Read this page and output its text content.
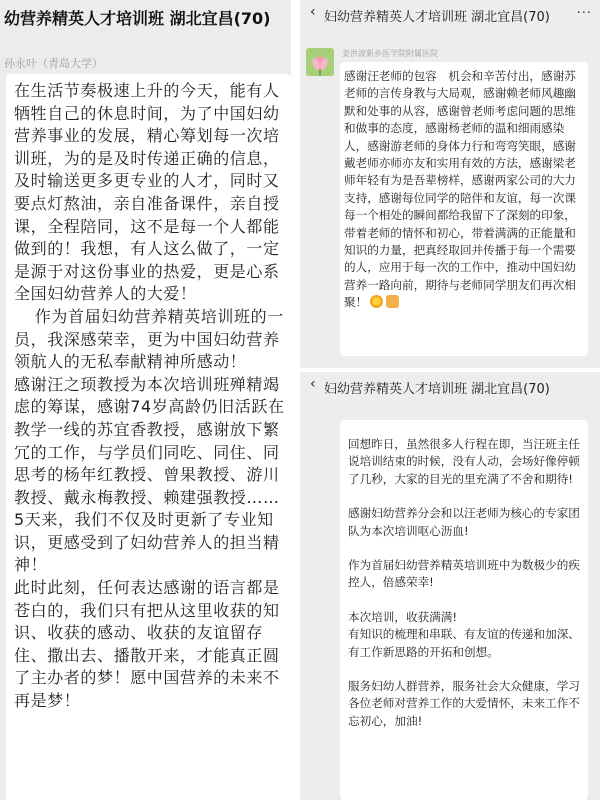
幼营养精英人才培训班 湖北宜昌(70)
孙永叶（青岛大学）

在生活节奏极速上升的今天，能有人牺牲自己的休息时间，为了中国妇幼营养事业的发展，精心筹划每一次培训班，为的是及时传递正确的信息，及时输送更多更专业的人才，同时又要点灯熬油，亲自准备课件，亲自授课，全程陪同，这不是每一个人都能做到的！我想，有人这么做了，一定是源于对这份事业的热爱，更是心系全国妇幼营养人的大爱！

作为首届妇幼营养精英培训班的一员，我深感荣幸，更为中国妇幼营养领航人的无私奉献精神所感动！

感谢汪之顼教授为本次培训班殚精竭虑的筹谋，感谢74岁高龄仍旧活跃在教学一线的苏宜香教授，感谢放下繁冗的工作，与学员们同吃、同住、同思考的杨年红教授、曾果教授、游川教授、戴永梅教授、赖建强教授……5天来，我们不仅及时更新了专业知识，更感受到了妇幼营养人的担当精神！

此时此刻，任何表达感谢的语言都是苍白的，我们只有把从这里收获的知识、收获的感动、收获的友谊留存住、撒出去、播散开来，才能真正圆了主办者的梦！愿中国营养的未来不再是梦！

‹ 妇幼营养精英人才培训班 湖北宜昌(70) ···
姜洪波新乡医学院附属医院

感谢汪老师的包容　机会和辛苦付出，感谢苏老师的言传身教与大局观，感谢赖老师风趣幽默和处事的从容，感谢曾老师考虑问题的思维和做事的态度，感谢杨老师的温和细雨感染人，感谢游老师的身体力行和弯弯笑眼，感谢戴老师亦师亦友和实用有效的方法，感谢梁老师年轻有为是吾辈榜样，感谢两家公司的大力支持，感谢每位同学的陪伴和友谊，每一次课每一个相处的瞬间都给我留下了深刻的印象，带着老师的情怀和初心，带着满满的正能量和知识的力量，把真经取回并传播于每一个需要的人，应用于每一次的工作中，推动中国妇幼营养一路向前，期待与老师同学朋友们再次相聚！

‹ 妇幼营养精英人才培训班 湖北宜昌(70)

回想昨日，虽然很多人行程在即，当汪班主任说培训结束的时候，没有人动，会场好像停顿了几秒，大家的目光的里充满了不舍和期待!

感谢妇幼营养分会和以汪老师为核心的专家团队为本次培训呕心沥血!

作为首届妇幼营养精英培训班中为数极少的疾控人，倍感荣幸!

本次培训，收获满满!

有知识的梳理和串联、有友谊的传递和加深、有工作新思路的开拓和创想。

服务妇幼人群营养，服务社会大众健康，学习各位老师对营养工作的大爱情怀，未来工作不忘初心，加油!
